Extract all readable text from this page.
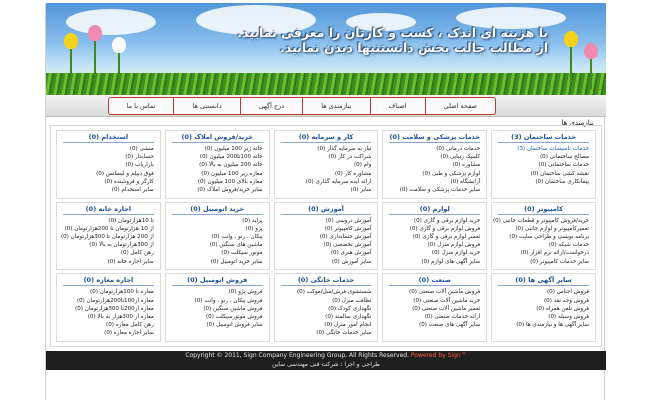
با هزینه ای اندک ، کسب و کارتان را معرفی نمایید.
از مطالب جالب بخش دانستنیها دیدن نمایید.
صفحه اصلی
اصناف
نیازمندی ها
درج آگهی
دانستنی ها
تماس با ما
نیازمندی ها
خدمات ساختمان (3)
خدمات تاسیسات ساختمان (3)
مصالح ساختمانی (0)
خدمات ساختمانی (0)
نقشه کشی ساختمان (0)
پیمانکاری ساختمان (0)
خدمات پزشکی و سلامت (0)
خدمات درمانی (0)
کلینیک زیبایی (0)
مشاوره (0)
لوازم پزشکی و طبی (0)
آرایشگاه (0)
سایر خدمات پزشکی و سلامت (0)
کار و سرمایه (0)
نیاز به سرمایه گذار (0)
شراکت در کار (0)
وام (0)
مشاوره کار (0)
ارائه ایده سرمایه گذاری (0)
سایر (0)
خرید/فروش املاک (0)
خانه زیر 100 میلیون (0)
خانه 100تا200 میلیون (0)
خانه 200 میلیون به بالا (0)
معازه زیر 100 میلیون (0)
معازه بالای 100 میلیون (0)
سایر خرید/فروش املاک (0)
استخدام (0)
منشی (0)
حسابدار (0)
بازاریاب (0)
فوق دیپلم و لیسانس (0)
کارگر و فروشنده (0)
سایر استخدام (0)
کامپیوتر (0)
خرید/فروش کامپیوتر و قطعات جانبی (0)
تعمیرکامپیوتر و لوازم جانبی (0)
برنامه نویسی و طراحی سایت (0)
خدمات شبکه (0)
درخواست/ارائه نرم افزار (0)
سایر خدمات کامپیوتر (0)
لوازم (0)
خرید لوازم برقی و گازی (0)
فروش لوازم برقی و گازی (0)
تعمیر لوازم برقی و گازی (0)
فروش لوازم منزل (0)
خرید لوازم منزل (0)
سایر آگهی های لوازم (0)
آموزش (0)
آموزش دروسی (0)
آموزش کامپیوتر (0)
آموزش حسابداری (0)
آموزش تخصصی (0)
آموزش هنری (0)
سایر آموزش (0)
خرید اتومبیل (0)
پراید (0)
پژو (0)
پیکان ، رنو ، وانت (0)
ماشین های سنگین (0)
موتور سیکلت (0)
سایر خرید اتومبیل (0)
اجاره خانه (0)
تا 10هزارتومان (0)
از 10 هزارتومان تا 200هزارتومان (0)
از 200 هزارتومان تا 300هزارتومان (0)
از 300هزارتومان به بالا (0)
رهن کامل (0)
سایر اجاره خانه (0)
سایر آگهی ها (0)
فروش اجناس (0)
فروش وجه نقد (0)
فروش تلفن همراه (0)
فروش وسیله (0)
سایر آگهی ها و نیازمندی ها (0)
صنعت (0)
فروش ماشین آلات صنعتی (0)
خرید ماشین آلات صنعتی (0)
تعمیر ماشین آلات صنعتی (0)
ارائه خدمات صنعتی (0)
سایر آگهی های صنعت (0)
خدمات خانگی (0)
شستشوی فرش/مبل/موکت (0)
نظافت منزل (0)
نگهداری کودک (0)
نگهداری سالمند (0)
انجام امور منزل (0)
سایر خدمات خانگی (0)
فروش اتومبیل (0)
فروش پژو (0)
فروش پیکان ، رنو ، وانت (0)
فروش ماشین سنگین (0)
فروش موتورسیکلت (0)
سایر فروش اتومبیل (0)
اجاره مغازه (0)
معازه تا 100هزارتومان (0)
معازه از100تا200هزارتومان (0)
معازه از200تا 300هزارتومان (0)
معازه از 300هزار به بالا (0)
رهن کامل معازه (0)
سایر اجاره معازه (0)
Copyright © 2011, Sign Company Engineering Group, All Rights Reserved. Powered by Sign™
طراحی و اجرا : شرکت فنی مهندسی ساین
